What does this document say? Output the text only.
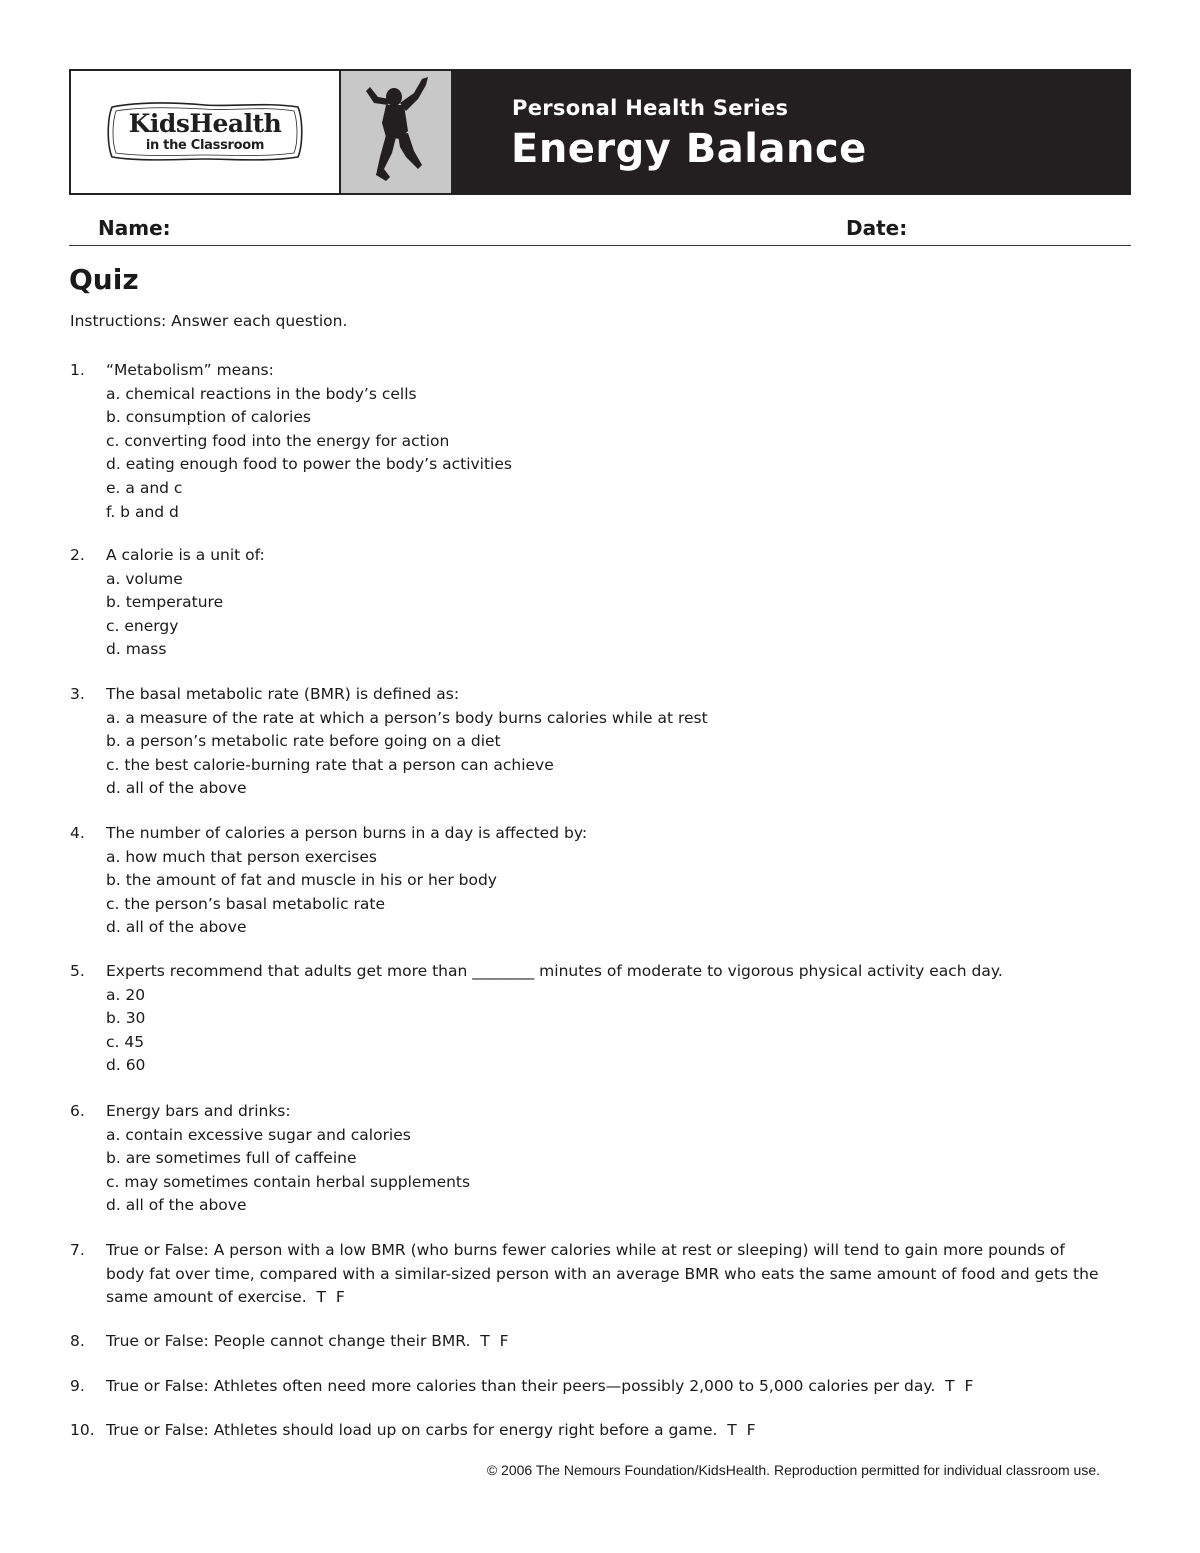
KidsHealth
in the Classroom
Personal Health Series
Energy Balance
Name:	Date:
Quiz
Instructions: Answer each question.
1. “Metabolism” means:
a. chemical reactions in the body’s cells
b. consumption of calories
c. converting food into the energy for action
d. eating enough food to power the body’s activities
e. a and c
f. b and d
2. A calorie is a unit of:
a. volume
b. temperature
c. energy
d. mass
3. The basal metabolic rate (BMR) is defined as:
a. a measure of the rate at which a person’s body burns calories while at rest
b. a person’s metabolic rate before going on a diet
c. the best calorie-burning rate that a person can achieve
d. all of the above
4. The number of calories a person burns in a day is affected by:
a. how much that person exercises
b. the amount of fat and muscle in his or her body
c. the person’s basal metabolic rate
d. all of the above
5. Experts recommend that adults get more than ________ minutes of moderate to vigorous physical activity each day.
a. 20
b. 30
c. 45
d. 60
6. Energy bars and drinks:
a. contain excessive sugar and calories
b. are sometimes full of caffeine
c. may sometimes contain herbal supplements
d. all of the above
7. True or False: A person with a low BMR (who burns fewer calories while at rest or sleeping) will tend to gain more pounds of body fat over time, compared with a similar-sized person with an average BMR who eats the same amount of food and gets the same amount of exercise.  T  F
8. True or False: People cannot change their BMR.  T  F
9. True or False: Athletes often need more calories than their peers—possibly 2,000 to 5,000 calories per day.  T  F
10. True or False: Athletes should load up on carbs for energy right before a game.  T  F
© 2006 The Nemours Foundation/KidsHealth. Reproduction permitted for individual classroom use.
